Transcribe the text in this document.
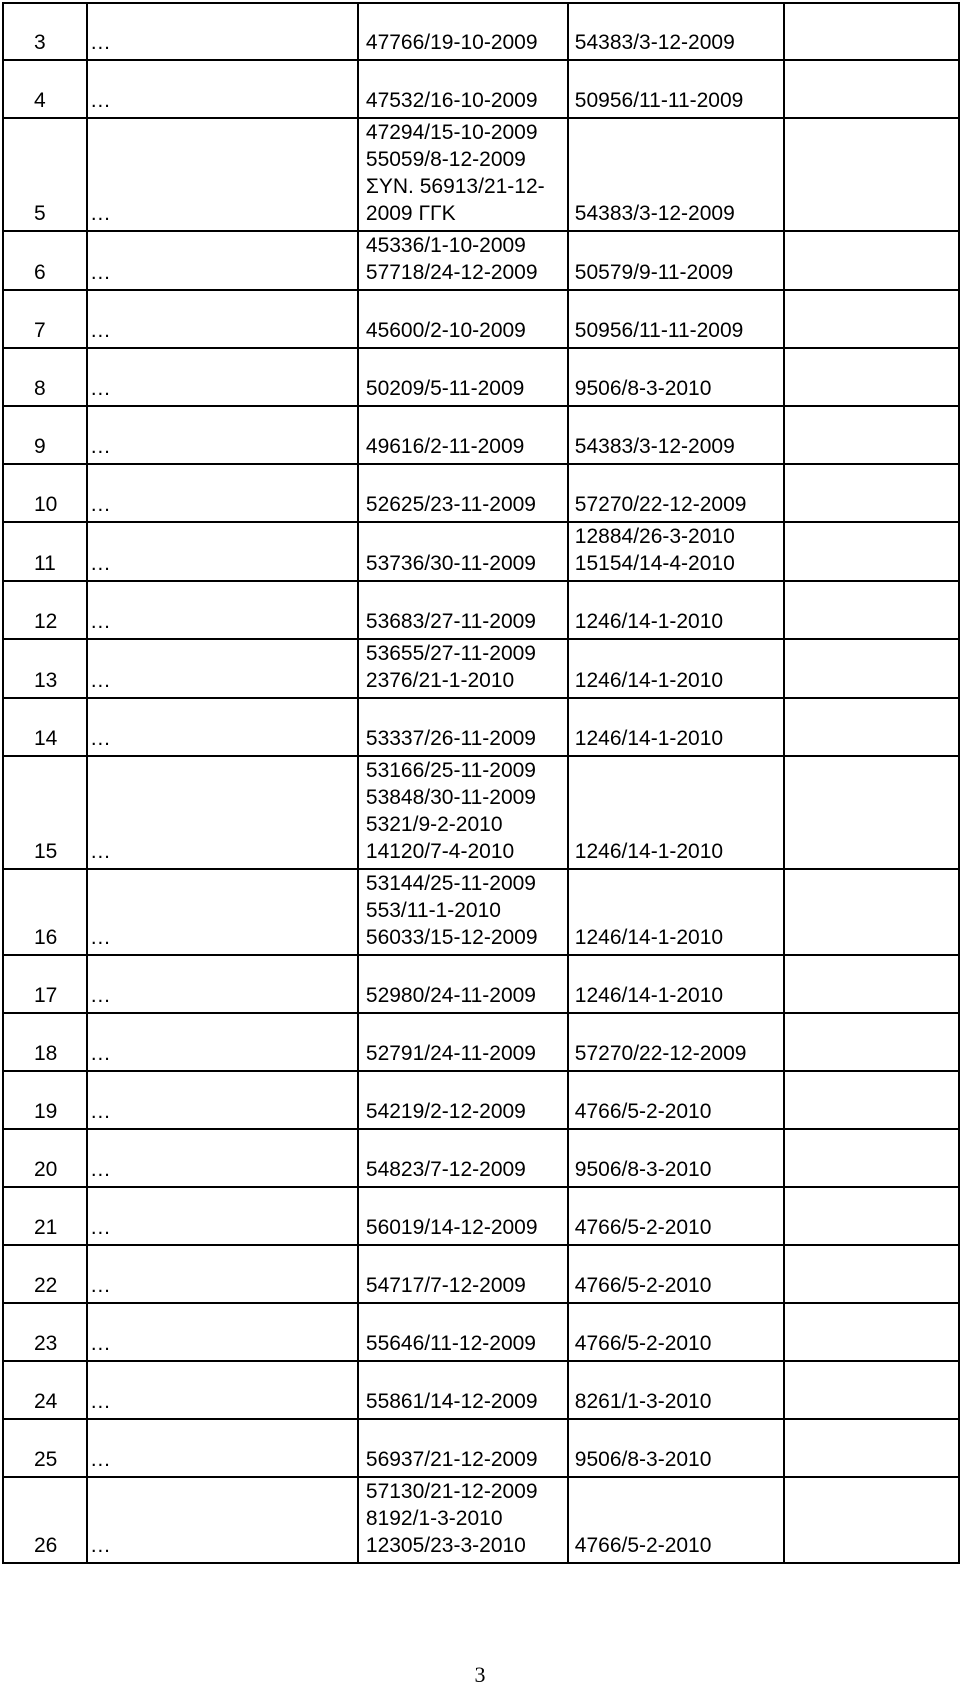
3	…	47766/19-10-2009	54383/3-12-2009	

4	…	47532/16-10-2009	50956/11-11-2009	

5	…	47294/15-10-2009
55059/8-12-2009
ΣΥΝ. 56913/21-12-
2009 ΓΓΚ	54383/3-12-2009	

6	…	45336/1-10-2009
57718/24-12-2009	50579/9-11-2009	

7	…	45600/2-10-2009	50956/11-11-2009	

8	…	50209/5-11-2009	9506/8-3-2010	

9	…	49616/2-11-2009	54383/3-12-2009	

10	…	52625/23-11-2009	57270/22-12-2009	

11	…	53736/30-11-2009	12884/26-3-2010
15154/14-4-2010	

12	…	53683/27-11-2009	1246/14-1-2010	

13	…	53655/27-11-2009
2376/21-1-2010	1246/14-1-2010	

14	…	53337/26-11-2009	1246/14-1-2010	

15	…	53166/25-11-2009
53848/30-11-2009
5321/9-2-2010
14120/7-4-2010	1246/14-1-2010	

16	…	53144/25-11-2009
553/11-1-2010
56033/15-12-2009	1246/14-1-2010	

17	…	52980/24-11-2009	1246/14-1-2010	

18	…	52791/24-11-2009	57270/22-12-2009	

19	…	54219/2-12-2009	4766/5-2-2010	

20	…	54823/7-12-2009	9506/8-3-2010	

21	…	56019/14-12-2009	4766/5-2-2010	

22	…	54717/7-12-2009	4766/5-2-2010	

23	…	55646/11-12-2009	4766/5-2-2010	

24	…	55861/14-12-2009	8261/1-3-2010	

25	…	56937/21-12-2009	9506/8-3-2010	

26	…	57130/21-12-2009
8192/1-3-2010
12305/23-3-2010	4766/5-2-2010	

3
